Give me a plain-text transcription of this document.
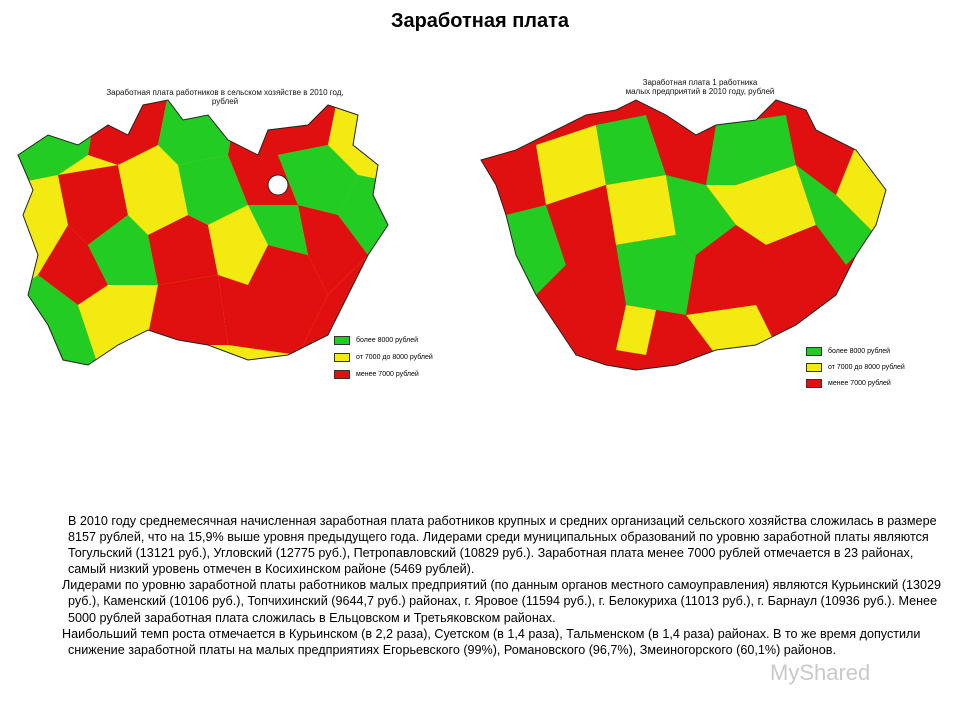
Заработная плата
Заработная плата работников в сельском хозяйстве в 2010 год,
рублей
более 8000 рублей
от 7000 до 8000 рублей
менее 7000 рублей
Заработная плата 1 работника
малых предприятий в 2010 году, рублей
более 8000 рублей
от 7000 до 8000 рублей
менее 7000 рублей

В 2010 году среднемесячная начисленная заработная плата работников крупных и средних организаций сельского хозяйства сложилась в размере 8157 рублей, что на 15,9% выше уровня предыдущего года. Лидерами среди муниципальных образований по уровню заработной платы являются Тогульский (13121 руб.), Угловский (12775 руб.), Петропавловский (10829 руб.). Заработная плата менее 7000 рублей отмечается в 23 районах, самый низкий уровень отмечен в Косихинском районе (5469 рублей).

Лидерами по уровню заработной платы работников малых предприятий (по данным органов местного самоуправления) являются Курьинский (13029 руб.), Каменский (10106 руб.), Топчихинский (9644,7 руб.) районах, г. Яровое (11594 руб.), г. Белокуриха (11013 руб.), г. Барнаул (10936 руб.). Менее 5000 рублей заработная плата сложилась в Ельцовском и Третьяковском районах.

Наибольший темп роста отмечается в Курьинском (в 2,2 раза), Суетском (в 1,4 раза), Тальменском (в 1,4 раза) районах. В то же время допустили снижение заработной платы на малых предприятиях Егорьевского (99%), Романовского (96,7%), Змеиногорского (60,1%) районов.

MyShared
